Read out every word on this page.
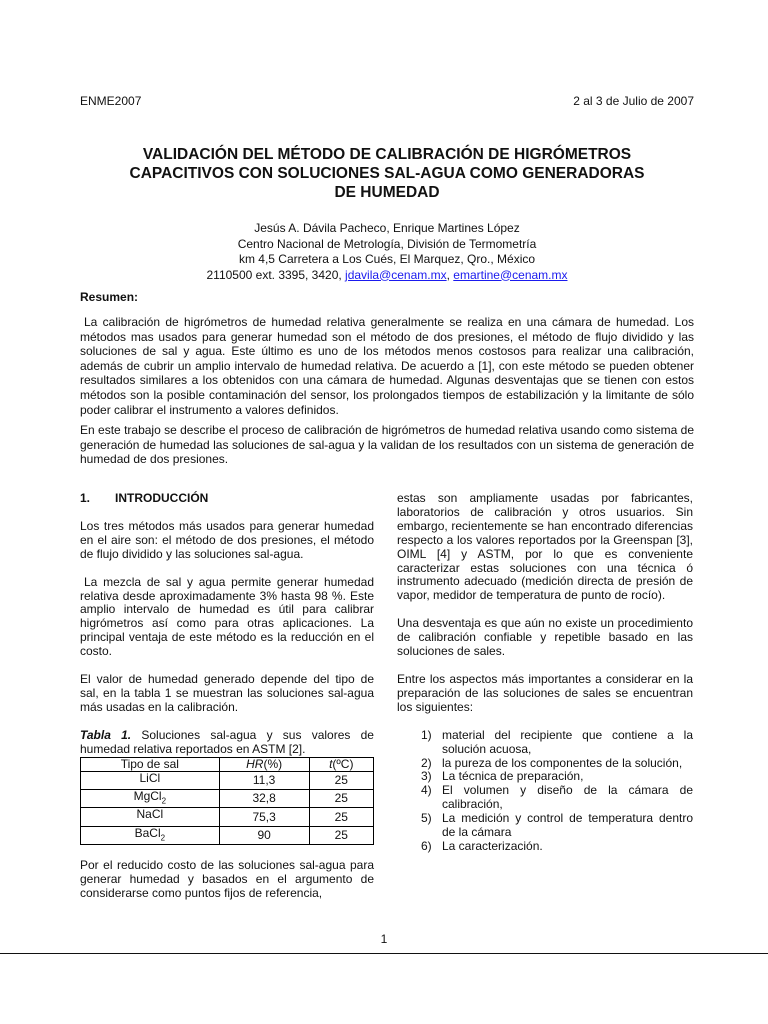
ENME2007	2 al 3 de Julio de 2007
VALIDACIÓN DEL MÉTODO DE CALIBRACIÓN DE HIGRÓMETROS
CAPACITIVOS CON SOLUCIONES SAL-AGUA COMO GENERADORAS
DE HUMEDAD
Jesús A. Dávila Pacheco, Enrique Martines López
Centro Nacional de Metrología, División de Termometría
km 4,5 Carretera a Los Cués, El Marquez, Qro., México
2110500 ext. 3395, 3420, jdavila@cenam.mx, emartine@cenam.mx
Resumen:

La calibración de higrómetros de humedad relativa generalmente se realiza en una cámara de humedad. Los métodos mas usados para generar humedad son el método de dos presiones, el método de flujo dividido y las soluciones de sal y agua. Este último es uno de los métodos menos costosos para realizar una calibración, además de cubrir un amplio intervalo de humedad relativa. De acuerdo a [1], con este método se pueden obtener resultados similares a los obtenidos con una cámara de humedad. Algunas desventajas que se tienen con estos métodos son la posible contaminación del sensor, los prolongados tiempos de estabilización y la limitante de sólo poder calibrar el instrumento a valores definidos.

En este trabajo se describe el proceso de calibración de higrómetros de humedad relativa usando como sistema de generación de humedad las soluciones de sal-agua y la validan de los resultados con un sistema de generación de humedad de dos presiones.

1.	INTRODUCCIÓN

Los tres métodos más usados para generar humedad en el aire son: el método de dos presiones, el método de flujo dividido y las soluciones sal-agua.

La mezcla de sal y agua permite generar humedad relativa desde aproximadamente 3% hasta 98 %. Este amplio intervalo de humedad es útil para calibrar higrómetros así como para otras aplicaciones. La principal ventaja de este método es la reducción en el costo.

El valor de humedad generado depende del tipo de sal, en la tabla 1 se muestran las soluciones sal-agua más usadas en la calibración.

Tabla 1. Soluciones sal-agua y sus valores de humedad relativa reportados en ASTM [2].

Tipo de sal	HR(%)	t(ºC)
LiCl	11,3	25
MgCl$_2$	32,8	25
NaCl	75,3	25
BaCl$_2$	90	25

Por el reducido costo de las soluciones sal-agua para generar humedad y basados en el argumento de considerarse como puntos fijos de referencia,

estas son ampliamente usadas por fabricantes, laboratorios de calibración y otros usuarios. Sin embargo, recientemente se han encontrado diferencias respecto a los valores reportados por la Greenspan [3], OIML [4] y ASTM, por lo que es conveniente caracterizar estas soluciones con una técnica ó instrumento adecuado (medición directa de presión de vapor, medidor de temperatura de punto de rocío).

Una desventaja es que aún no existe un procedimiento de calibración confiable y repetible basado en las soluciones de sales.

Entre los aspectos más importantes a considerar en la preparación de las soluciones de sales se encuentran los siguientes:

1) material del recipiente que contiene a la solución acuosa,
2) la pureza de los componentes de la solución,
3) La técnica de preparación,
4) El volumen y diseño de la cámara de calibración,
5) La medición y control de temperatura dentro de la cámara
6) La caracterización.
1
